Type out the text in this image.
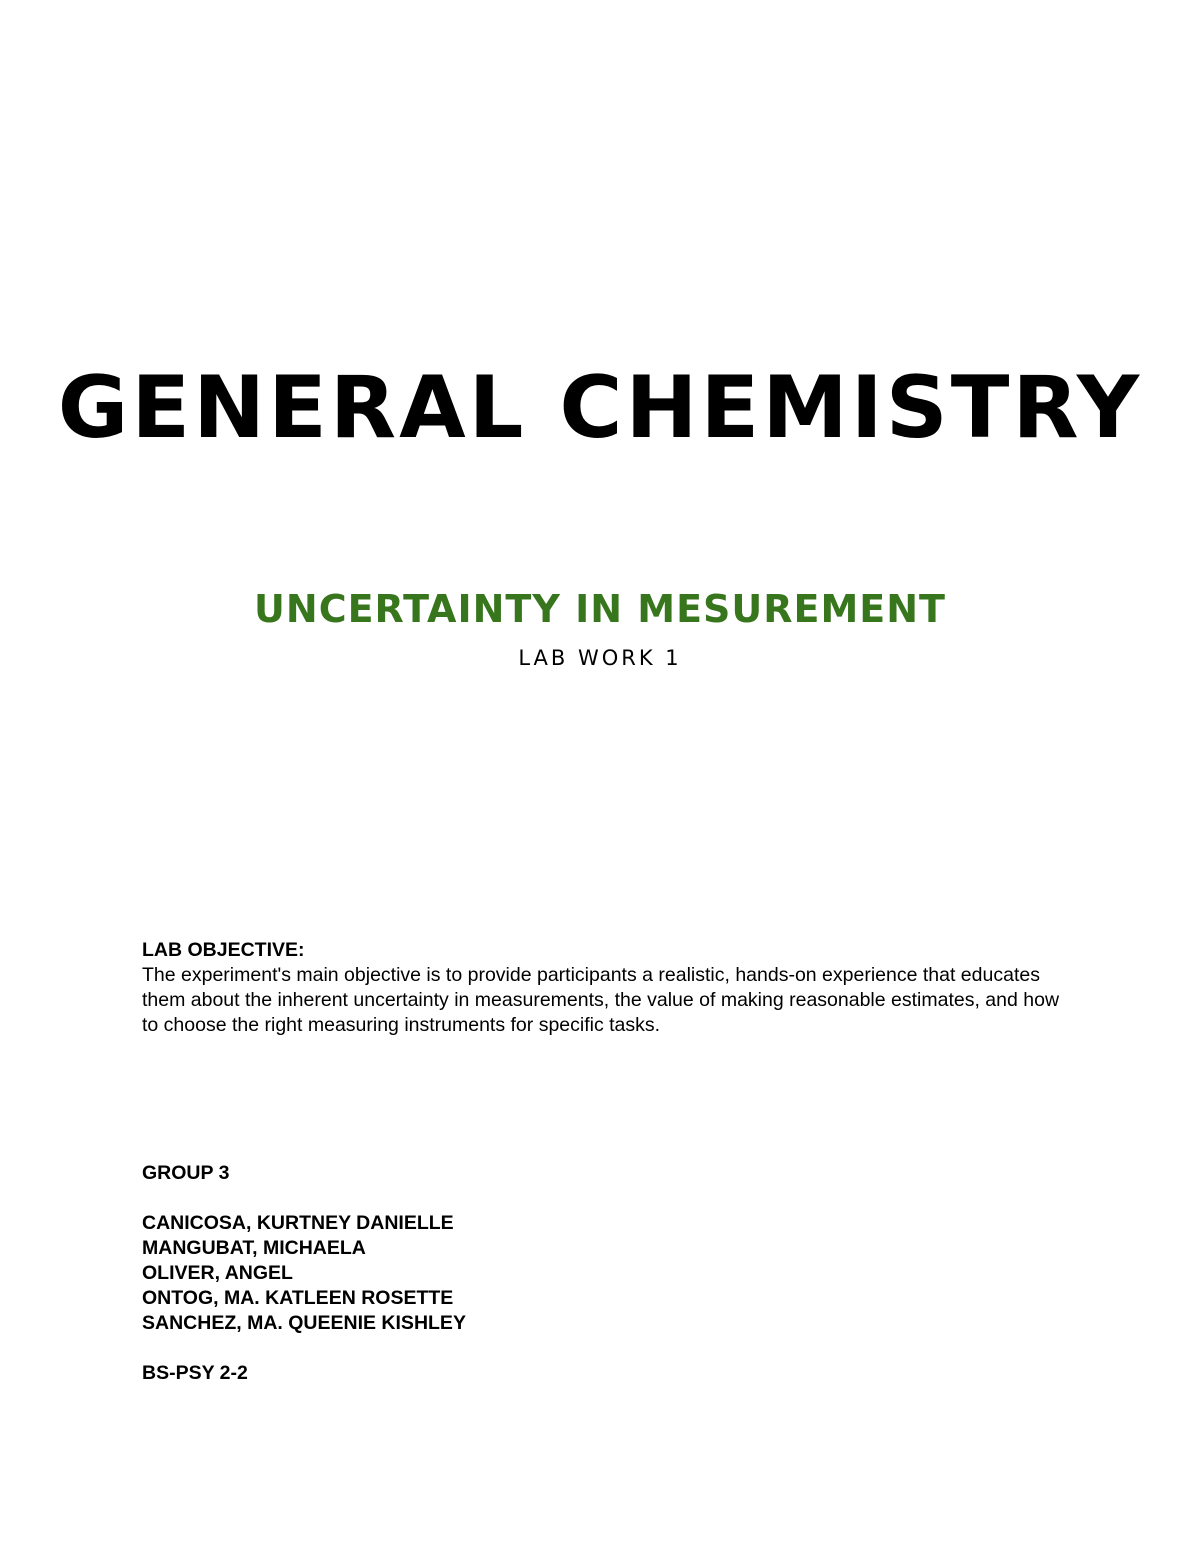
GENERAL CHEMISTRY
UNCERTAINTY IN MESUREMENT
LAB WORK 1
LAB OBJECTIVE:

The experiment's main objective is to provide participants a realistic, hands-on experience that educates them about the inherent uncertainty in measurements, the value of making reasonable estimates, and how to choose the right measuring instruments for specific tasks.

GROUP 3
CANICOSA, KURTNEY DANIELLE
MANGUBAT, MICHAELA
OLIVER, ANGEL
ONTOG, MA. KATLEEN ROSETTE
SANCHEZ, MA. QUEENIE KISHLEY
BS-PSY 2-2
